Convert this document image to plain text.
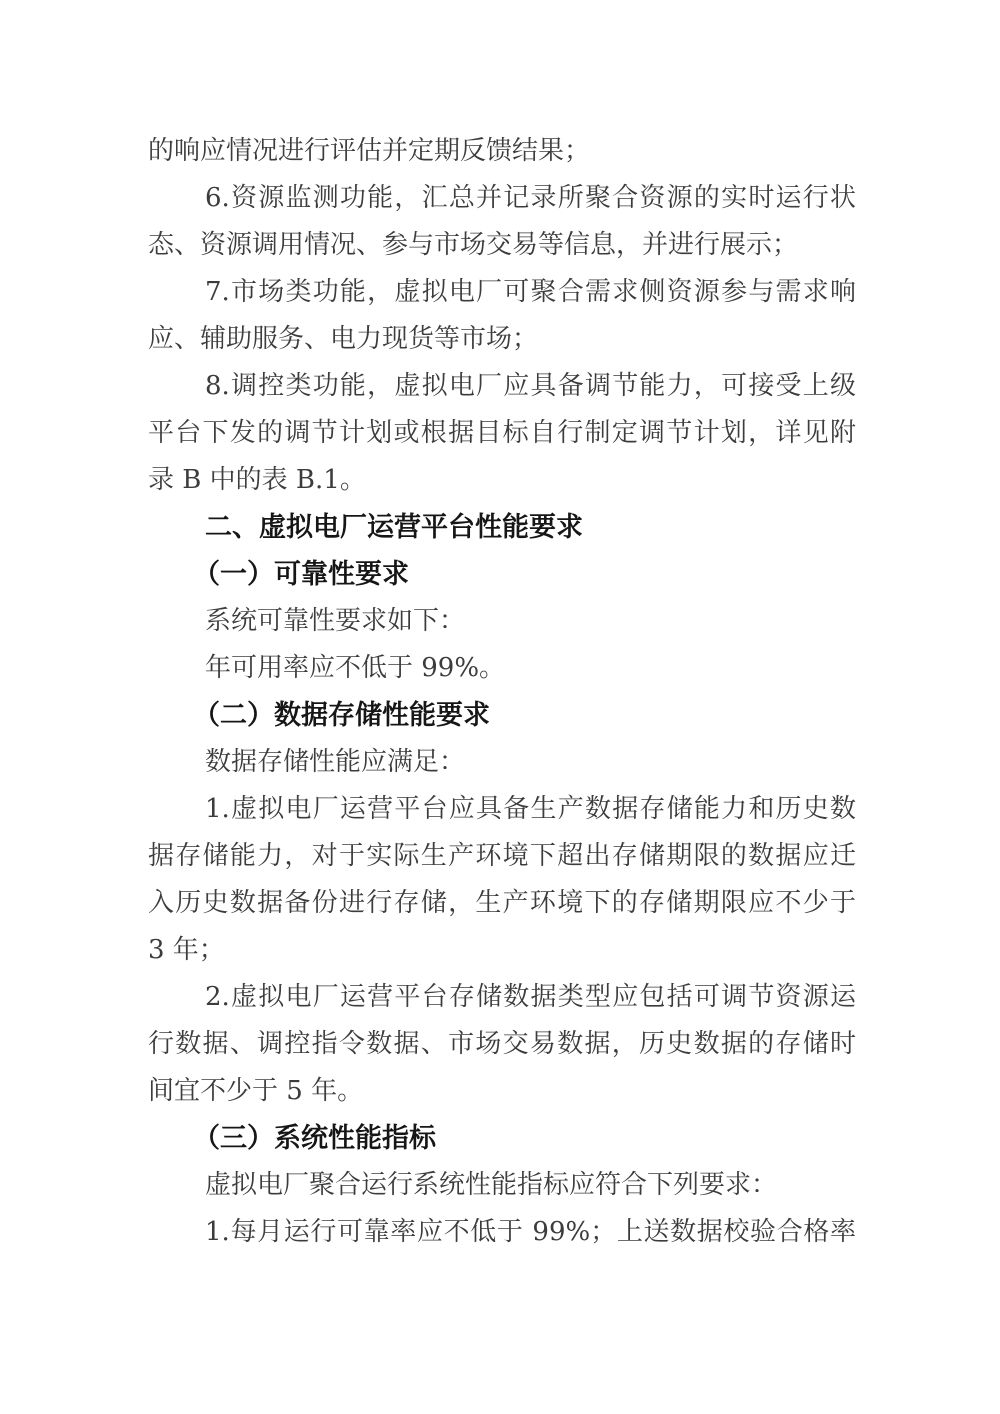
的响应情况进行评估并定期反馈结果；
6.资源监测功能，汇总并记录所聚合资源的实时运行状
态、资源调用情况、参与市场交易等信息，并进行展示；
7.市场类功能，虚拟电厂可聚合需求侧资源参与需求响
应、辅助服务、电力现货等市场；
8.调控类功能，虚拟电厂应具备调节能力，可接受上级
平台下发的调节计划或根据目标自行制定调节计划，详见附
录 B 中的表 B.1。
二、虚拟电厂运营平台性能要求
（一）可靠性要求
系统可靠性要求如下：
年可用率应不低于 99%。
（二）数据存储性能要求
数据存储性能应满足：
1.虚拟电厂运营平台应具备生产数据存储能力和历史数
据存储能力，对于实际生产环境下超出存储期限的数据应迁
入历史数据备份进行存储，生产环境下的存储期限应不少于
3 年；
2.虚拟电厂运营平台存储数据类型应包括可调节资源运
行数据、调控指令数据、市场交易数据，历史数据的存储时
间宜不少于 5 年。
（三）系统性能指标
虚拟电厂聚合运行系统性能指标应符合下列要求：
1.每月运行可靠率应不低于 99%；上送数据校验合格率
